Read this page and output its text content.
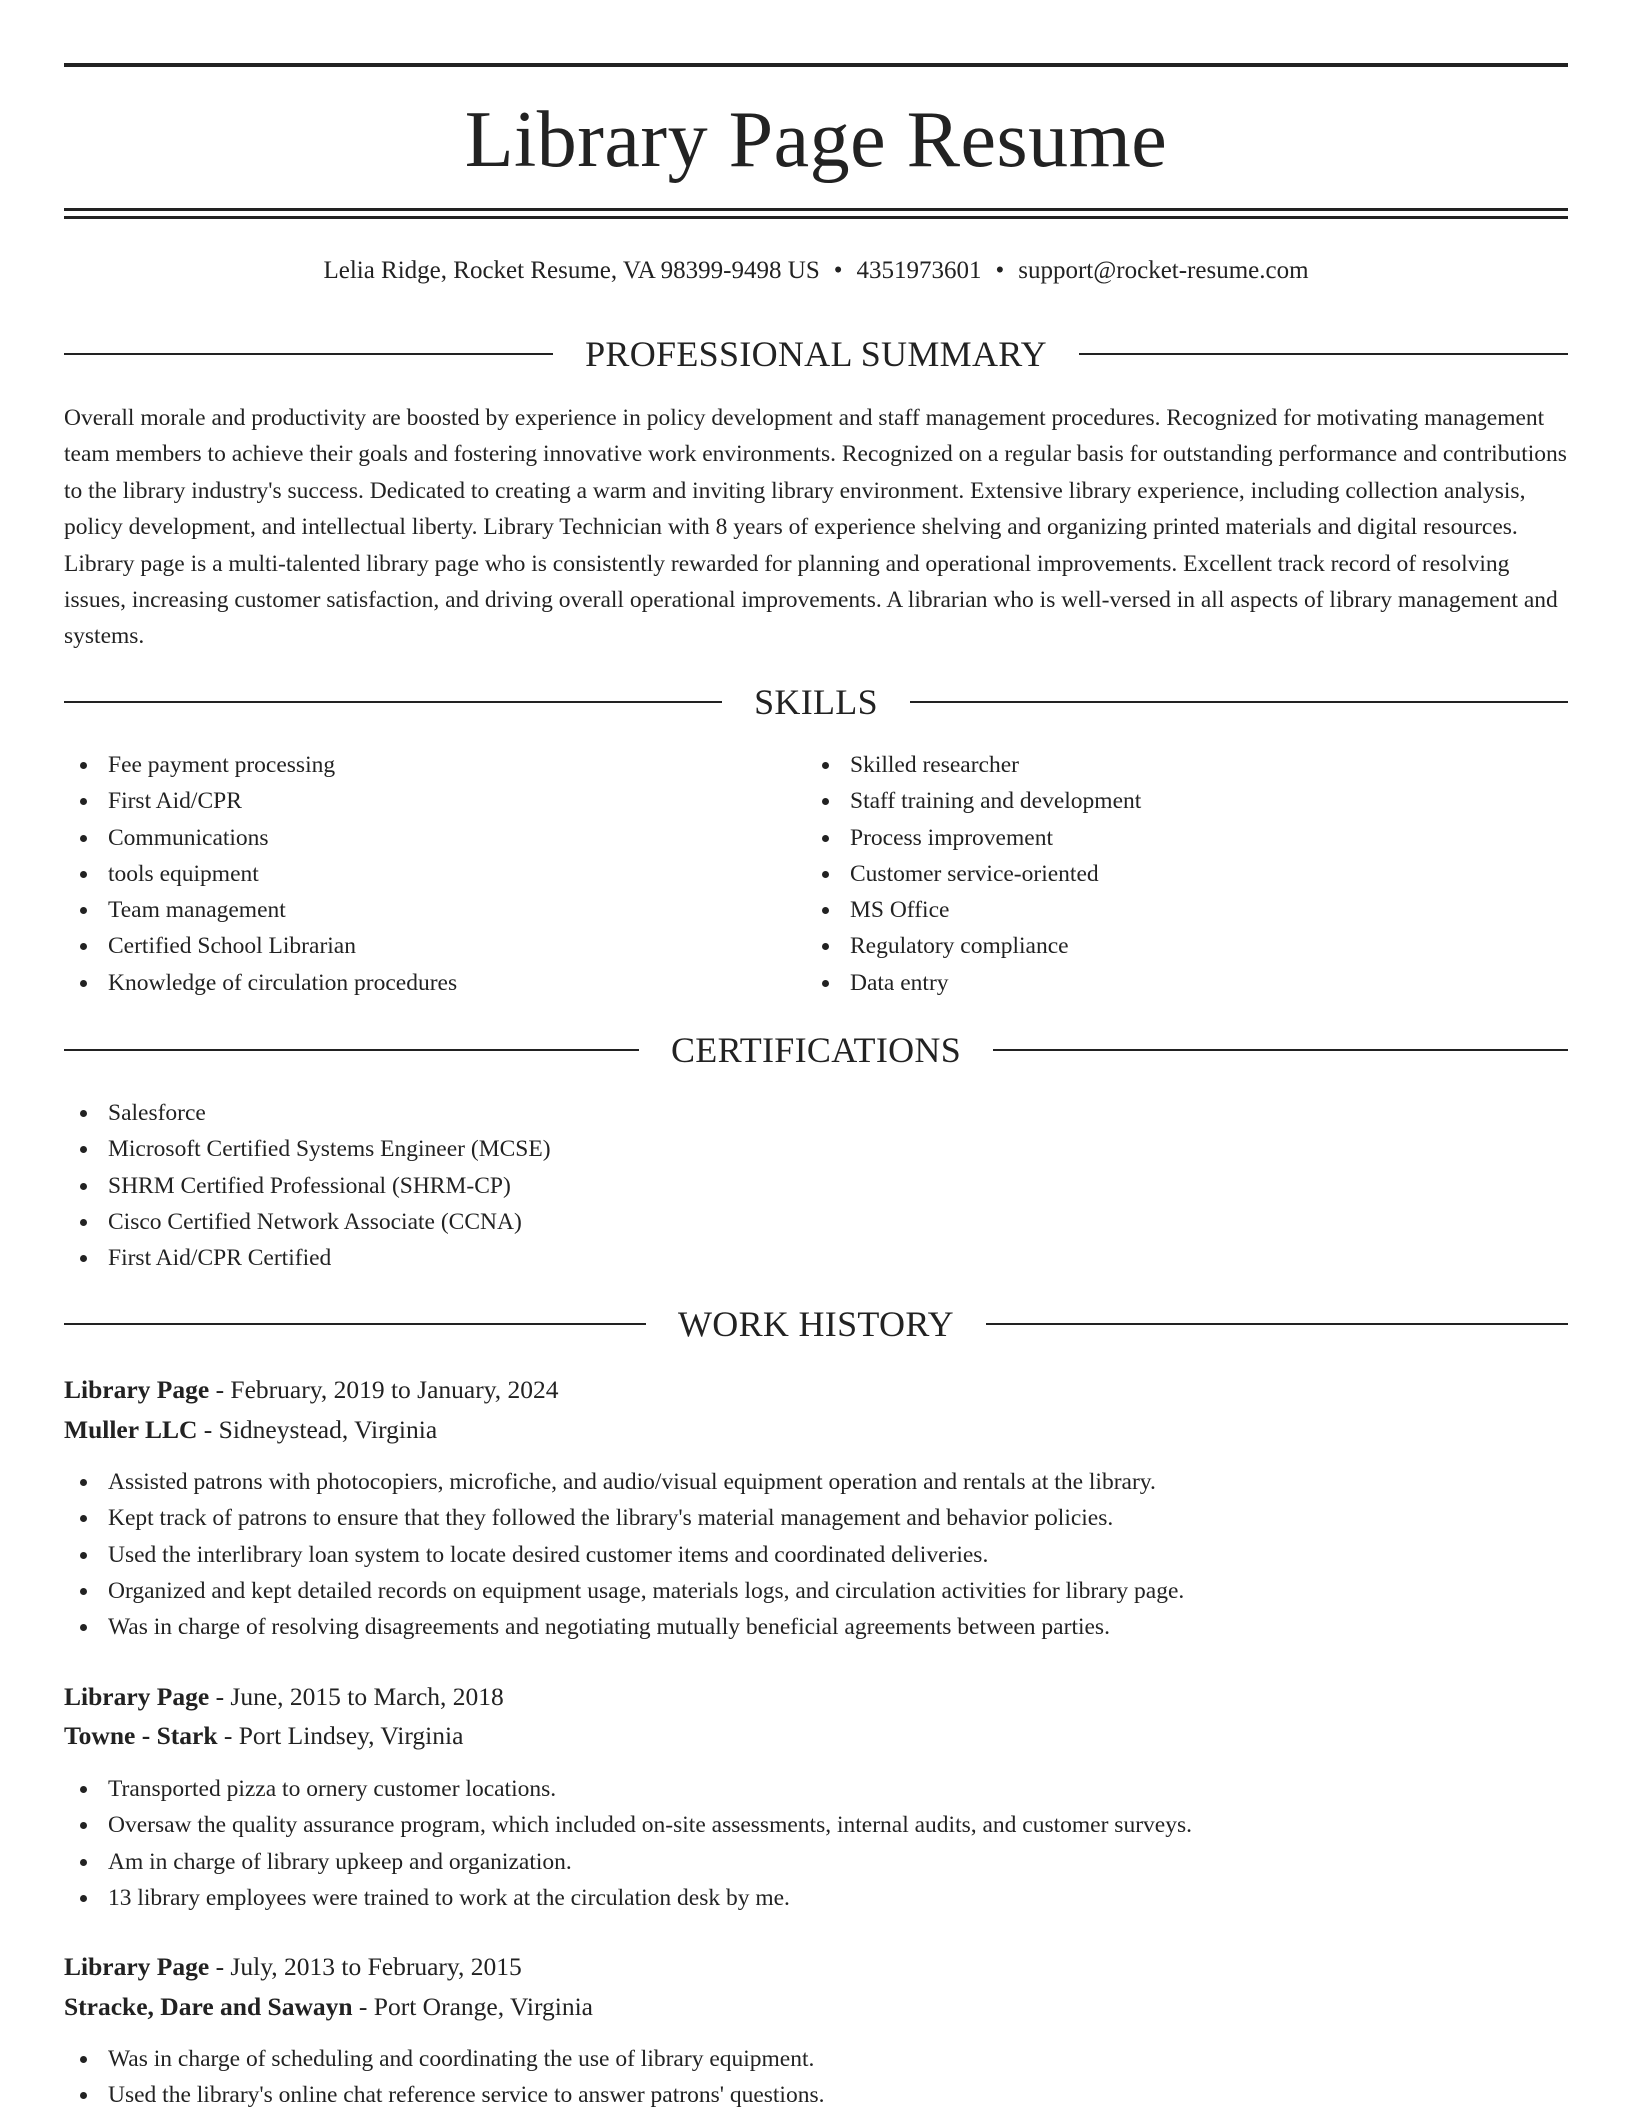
Library Page Resume
Lelia Ridge, Rocket Resume, VA 98399-9498 US • 4351973601 • support@rocket-resume.com
PROFESSIONAL SUMMARY

Overall morale and productivity are boosted by experience in policy development and staff management procedures. Recognized for motivating management team members to achieve their goals and fostering innovative work environments. Recognized on a regular basis for outstanding performance and contributions to the library industry's success. Dedicated to creating a warm and inviting library environment. Extensive library experience, including collection analysis, policy development, and intellectual liberty. Library Technician with 8 years of experience shelving and organizing printed materials and digital resources. Library page is a multi-talented library page who is consistently rewarded for planning and operational improvements. Excellent track record of resolving issues, increasing customer satisfaction, and driving overall operational improvements. A librarian who is well-versed in all aspects of library management and systems.

SKILLS
Fee payment processing
First Aid/CPR
Communications
tools equipment
Team management
Certified School Librarian
Knowledge of circulation procedures
Skilled researcher
Staff training and development
Process improvement
Customer service-oriented
MS Office
Regulatory compliance
Data entry
CERTIFICATIONS
Salesforce
Microsoft Certified Systems Engineer (MCSE)
SHRM Certified Professional (SHRM-CP)
Cisco Certified Network Associate (CCNA)
First Aid/CPR Certified
WORK HISTORY
Library Page - February, 2019 to January, 2024
Muller LLC - Sidneystead, Virginia
Assisted patrons with photocopiers, microfiche, and audio/visual equipment operation and rentals at the library.
Kept track of patrons to ensure that they followed the library's material management and behavior policies.
Used the interlibrary loan system to locate desired customer items and coordinated deliveries.
Organized and kept detailed records on equipment usage, materials logs, and circulation activities for library page.
Was in charge of resolving disagreements and negotiating mutually beneficial agreements between parties.
Library Page - June, 2015 to March, 2018
Towne - Stark - Port Lindsey, Virginia
Transported pizza to ornery customer locations.
Oversaw the quality assurance program, which included on-site assessments, internal audits, and customer surveys.
Am in charge of library upkeep and organization.
13 library employees were trained to work at the circulation desk by me.
Library Page - July, 2013 to February, 2015
Stracke, Dare and Sawayn - Port Orange, Virginia
Was in charge of scheduling and coordinating the use of library equipment.
Used the library's online chat reference service to answer patrons' questions.
